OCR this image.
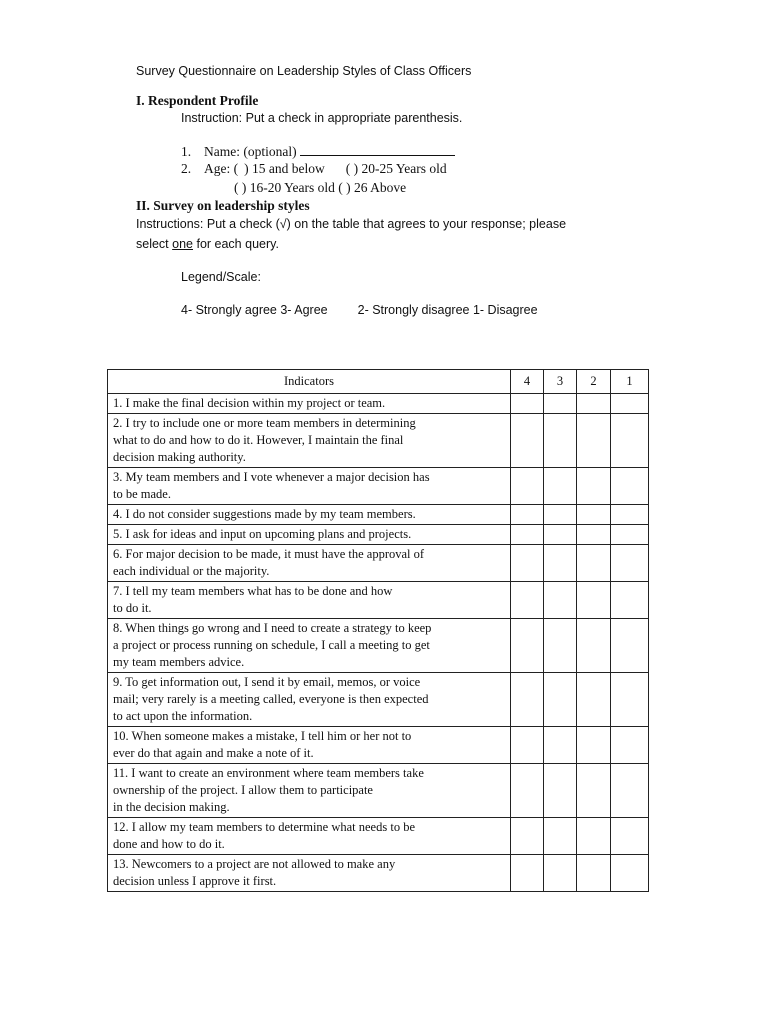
Survey Questionnaire on Leadership Styles of Class Officers
I. Respondent Profile
Instruction: Put a check in appropriate parenthesis.
1. Name: (optional)
2. Age: ( ) 15 and below ( ) 20-25 Years old
( ) 16-20 Years old ( ) 26 Above
II. Survey on leadership styles
Instructions: Put a check (√) on the table that agrees to your response; please
select one for each query.
Legend/Scale:
4- Strongly agree 3- Agree 2- Strongly disagree 1- Disagree
Indicators	4	3	2	1

1. I make the final decision within my project or team.				

2. I try to include one or more team members in determining
what to do and how to do it. However, I maintain the final
decision making authority.				

3. My team members and I vote whenever a major decision has
to be made.				

4. I do not consider suggestions made by my team members.				

5. I ask for ideas and input on upcoming plans and projects.				

6. For major decision to be made, it must have the approval of
each individual or the majority.				

7. I tell my team members what has to be done and how
to do it.				

8. When things go wrong and I need to create a strategy to keep
a project or process running on schedule, I call a meeting to get
my team members advice.				

9. To get information out, I send it by email, memos, or voice
mail; very rarely is a meeting called, everyone is then expected
to act upon the information.				

10. When someone makes a mistake, I tell him or her not to
ever do that again and make a note of it.				

11. I want to create an environment where team members take
ownership of the project. I allow them to participate
in the decision making.				

12. I allow my team members to determine what needs to be
done and how to do it.				

13. Newcomers to a project are not allowed to make any
decision unless I approve it first.				
